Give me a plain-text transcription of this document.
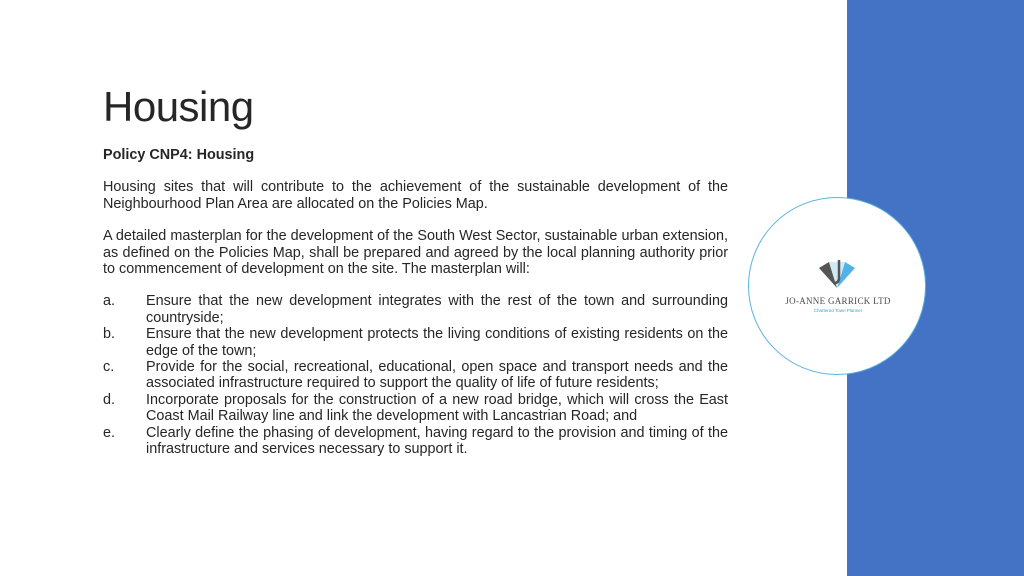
Housing
Policy CNP4: Housing
Housing sites that will contribute to the achievement of the sustainable development of the Neighbourhood Plan Area are allocated on the Policies Map.
A detailed masterplan for the development of the South West Sector, sustainable urban extension, as defined on the Policies Map, shall be prepared and agreed by the local planning authority prior to commencement of development on the site. The masterplan will:
a.	Ensure that the new development integrates with the rest of the town and surrounding countryside;
b.	Ensure that the new development protects the living conditions of existing residents on the edge of the town;
c.	Provide for the social, recreational, educational, open space and transport needs and the associated infrastructure required to support the quality of life of future residents;
d.	Incorporate proposals for the construction of a new road bridge, which will cross the East Coast Mail Railway line and link the development with Lancastrian Road; and
e.	Clearly define the phasing of development, having regard to the provision and timing of the infrastructure and services necessary to support it.
JO-ANNE GARRICK LTD
Chartered Town Planner
